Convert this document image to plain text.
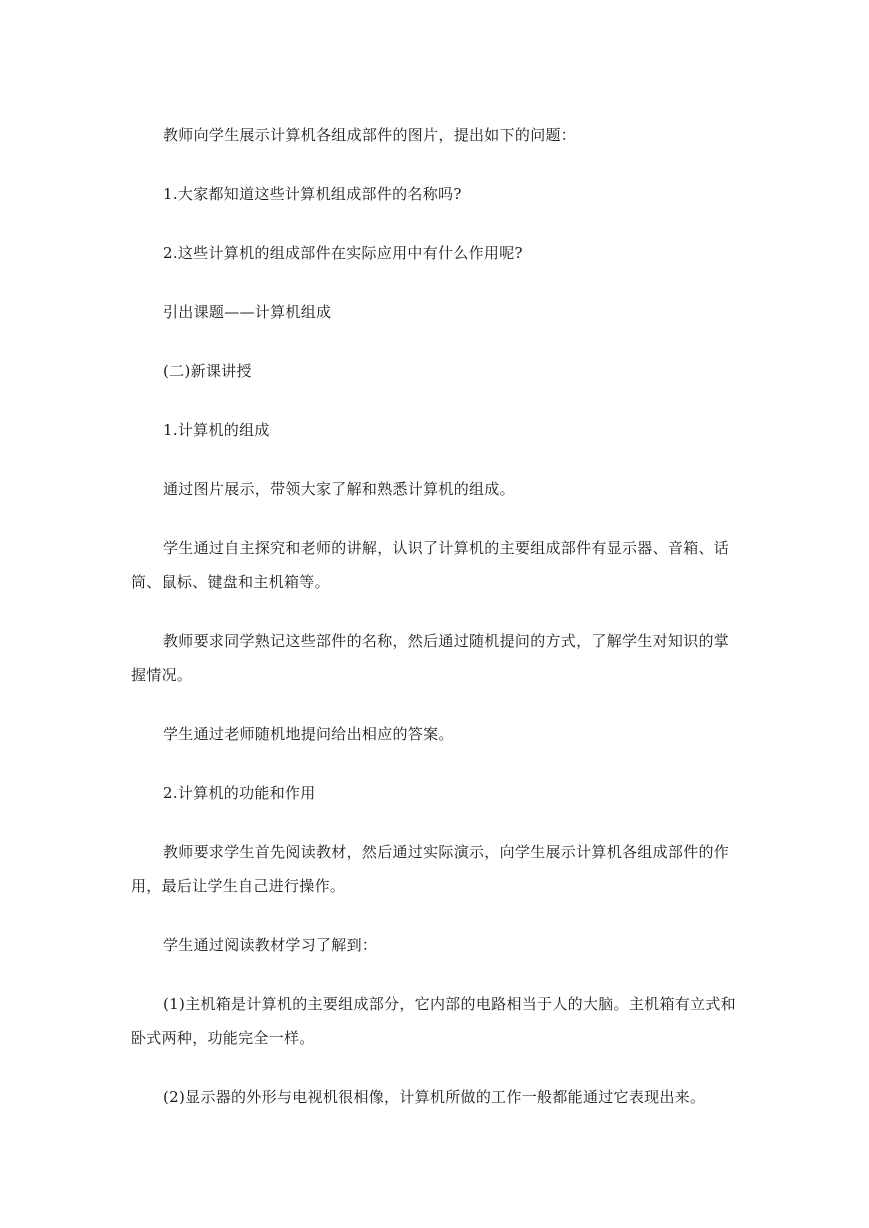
教师向学生展示计算机各组成部件的图片，提出如下的问题：

1.大家都知道这些计算机组成部件的名称吗?

2.这些计算机的组成部件在实际应用中有什么作用呢?

引出课题——计算机组成

(二)新课讲授

1.计算机的组成

通过图片展示，带领大家了解和熟悉计算机的组成。

学生通过自主探究和老师的讲解，认识了计算机的主要组成部件有显示器、音箱、话筒、鼠标、键盘和主机箱等。

教师要求同学熟记这些部件的名称，然后通过随机提问的方式，了解学生对知识的掌握情况。

学生通过老师随机地提问给出相应的答案。

2.计算机的功能和作用

教师要求学生首先阅读教材，然后通过实际演示，向学生展示计算机各组成部件的作用，最后让学生自己进行操作。

学生通过阅读教材学习了解到：

(1)主机箱是计算机的主要组成部分，它内部的电路相当于人的大脑。主机箱有立式和卧式两种，功能完全一样。

(2)显示器的外形与电视机很相像，计算机所做的工作一般都能通过它表现出来。
